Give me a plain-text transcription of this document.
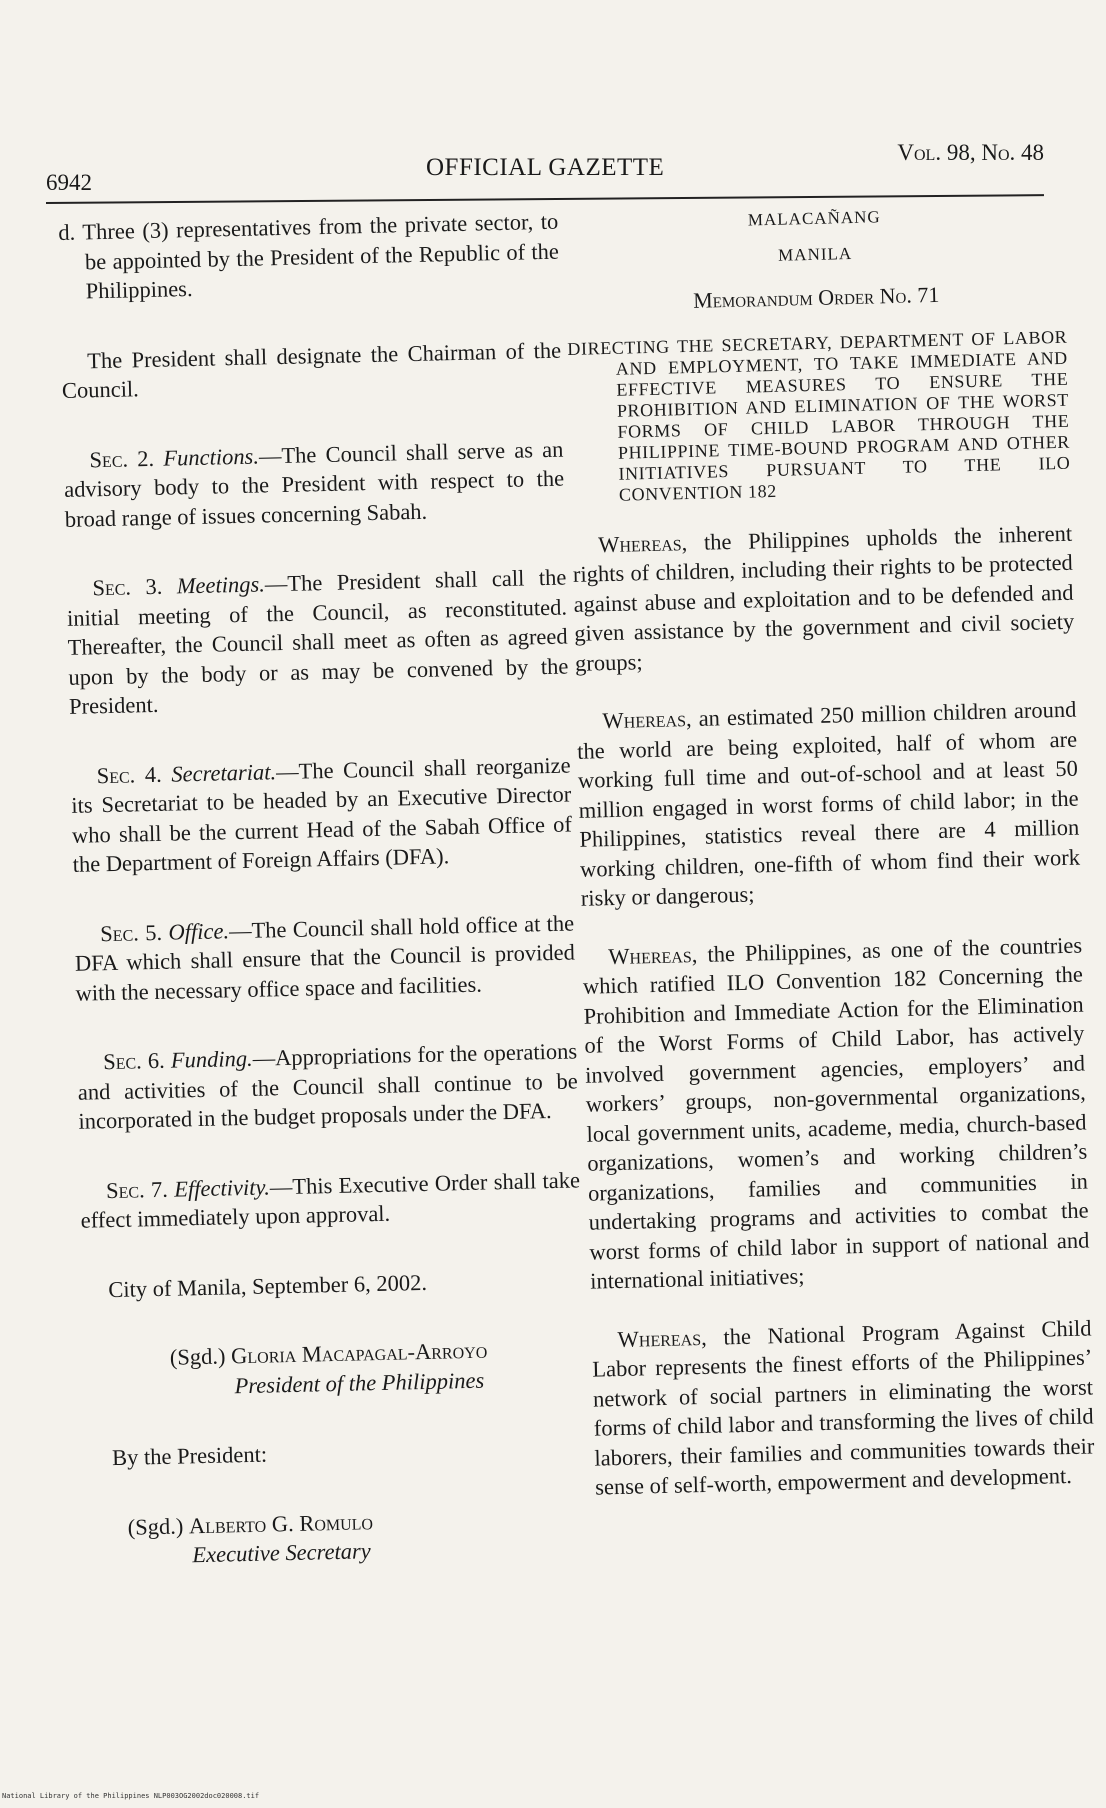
6942
OFFICIAL GAZETTE
Vol. 98, No. 48

d. Three (3) representatives from the private sector, to be appointed by the President of the Republic of the Philippines.

The President shall designate the Chairman of the Council.

Sec. 2. Functions.—The Council shall serve as an advisory body to the President with respect to the broad range of issues concerning Sabah.

Sec. 3. Meetings.—The President shall call the initial meeting of the Council, as reconstituted. Thereafter, the Council shall meet as often as agreed upon by the body or as may be convened by the President.

Sec. 4. Secretariat.—The Council shall reorganize its Secretariat to be headed by an Executive Director who shall be the current Head of the Sabah Office of the Department of Foreign Affairs (DFA).

Sec. 5. Office.—The Council shall hold office at the DFA which shall ensure that the Council is provided with the necessary office space and facilities.

Sec. 6. Funding.—Appropriations for the operations and activities of the Council shall continue to be incorporated in the budget proposals under the DFA.

Sec. 7. Effectivity.—This Executive Order shall take effect immediately upon approval.

City of Manila, September 6, 2002.

(Sgd.) Gloria Macapagal-Arroyo

President of the Philippines

By the President:

(Sgd.) Alberto G. Romulo

Executive Secretary

MALACAÑANG

MANILA

Memorandum Order No. 71

DIRECTING THE SECRETARY, DEPARTMENT OF LABOR AND EMPLOYMENT, TO TAKE IMMEDIATE AND EFFECTIVE MEASURES TO ENSURE THE PROHIBITION AND ELIMINATION OF THE WORST FORMS OF CHILD LABOR THROUGH THE PHILIPPINE TIME-BOUND PROGRAM AND OTHER INITIATIVES PURSUANT TO THE ILO CONVENTION 182

Whereas, the Philippines upholds the inherent rights of children, including their rights to be protected against abuse and exploitation and to be defended and given assistance by the government and civil society groups;

Whereas, an estimated 250 million children around the world are being exploited, half of whom are working full time and out-of-school and at least 50 million engaged in worst forms of child labor; in the Philippines, statistics reveal there are 4 million working children, one-fifth of whom find their work risky or dangerous;

Whereas, the Philippines, as one of the countries which ratified ILO Convention 182 Concerning the Prohibition and Immediate Action for the Elimination of the Worst Forms of Child Labor, has actively involved government agencies, employers’ and workers’ groups, non-governmental organizations, local government units, academe, media, church-based organizations, women’s and working children’s organizations, families and communities in undertaking programs and activities to combat the worst forms of child labor in support of national and international initiatives;

Whereas, the National Program Against Child Labor represents the finest efforts of the Philippines’ network of social partners in eliminating the worst forms of child labor and transforming the lives of child laborers, their families and communities towards their sense of self-worth, empowerment and development.

National Library of the Philippines NLP003OG2002doc020008.tif
